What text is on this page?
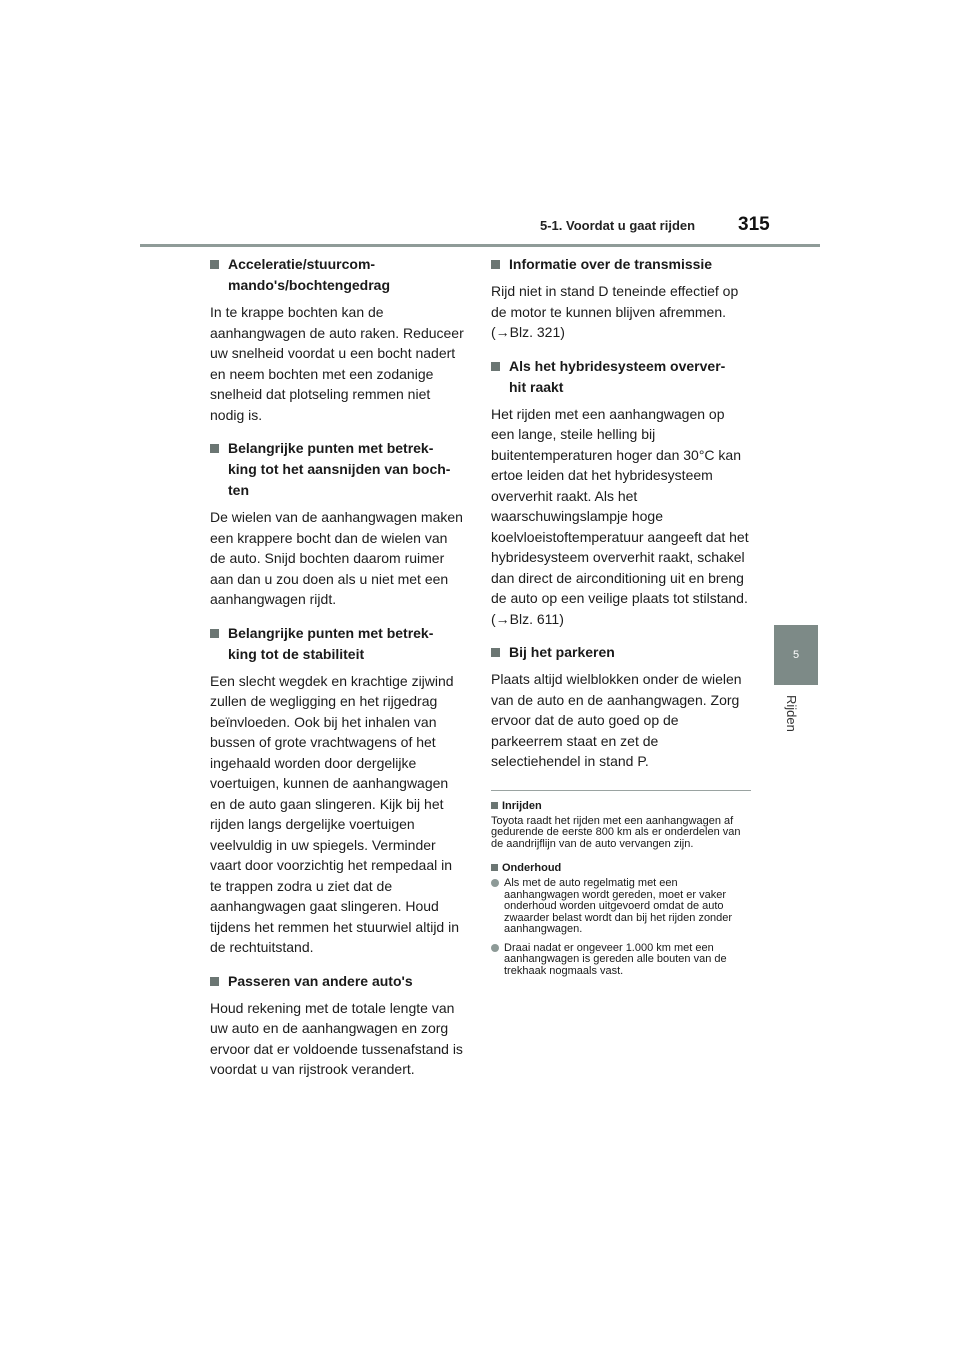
5-1. Voordat u gaat rijden 315
5
Rijden
Acceleratie/stuurcom-
mando's/bochtengedrag

In te krappe bochten kan de aanhangwagen de auto raken. Reduceer uw snelheid voordat u een bocht nadert en neem bochten met een zodanige snelheid dat plotseling remmen niet nodig is.

Belangrijke punten met betrek-
king tot het aansnijden van boch-
ten

De wielen van de aanhangwagen maken een krappere bocht dan de wielen van de auto. Snijd bochten daarom ruimer aan dan u zou doen als u niet met een aanhangwagen rijdt.

Belangrijke punten met betrek-
king tot de stabiliteit

Een slecht wegdek en krachtige zijwind zullen de wegligging en het rijgedrag beïnvloeden. Ook bij het inhalen van bussen of grote vrachtwagens of het ingehaald worden door dergelijke voertuigen, kunnen de aanhangwagen en de auto gaan slingeren. Kijk bij het rijden langs dergelijke voertuigen veelvuldig in uw spiegels. Verminder vaart door voorzichtig het rempedaal in te trappen zodra u ziet dat de aanhangwagen gaat slingeren. Houd tijdens het remmen het stuurwiel altijd in de rechtuitstand.

Passeren van andere auto's

Houd rekening met de totale lengte van uw auto en de aanhangwagen en zorg ervoor dat er voldoende tussenafstand is voordat u van rijstrook verandert.

Informatie over de transmissie

Rijd niet in stand D teneinde effectief op de motor te kunnen blijven afremmen. (→Blz. 321)

Als het hybridesysteem overver-
hit raakt

Het rijden met een aanhangwagen op een lange, steile helling bij buitentemperaturen hoger dan 30°C kan ertoe leiden dat het hybridesysteem oververhit raakt. Als het waarschuwingslampje hoge koelvloeistoftemperatuur aangeeft dat het hybridesysteem oververhit raakt, schakel dan direct de airconditioning uit en breng de auto op een veilige plaats tot stilstand. (→Blz. 611)

Bij het parkeren

Plaats altijd wielblokken onder de wielen van de auto en de aanhangwagen. Zorg ervoor dat de auto goed op de parkeerrem staat en zet de selectiehendel in stand P.

Inrijden

Toyota raadt het rijden met een aanhangwagen af gedurende de eerste 800 km als er onderdelen van de aandrijflijn van de auto vervangen zijn.

Onderhoud
Als met de auto regelmatig met een aanhangwagen wordt gereden, moet er vaker onderhoud worden uitgevoerd omdat de auto zwaarder belast wordt dan bij het rijden zonder aanhangwagen.
Draai nadat er ongeveer 1.000 km met een aanhangwagen is gereden alle bouten van de trekhaak nogmaals vast.
